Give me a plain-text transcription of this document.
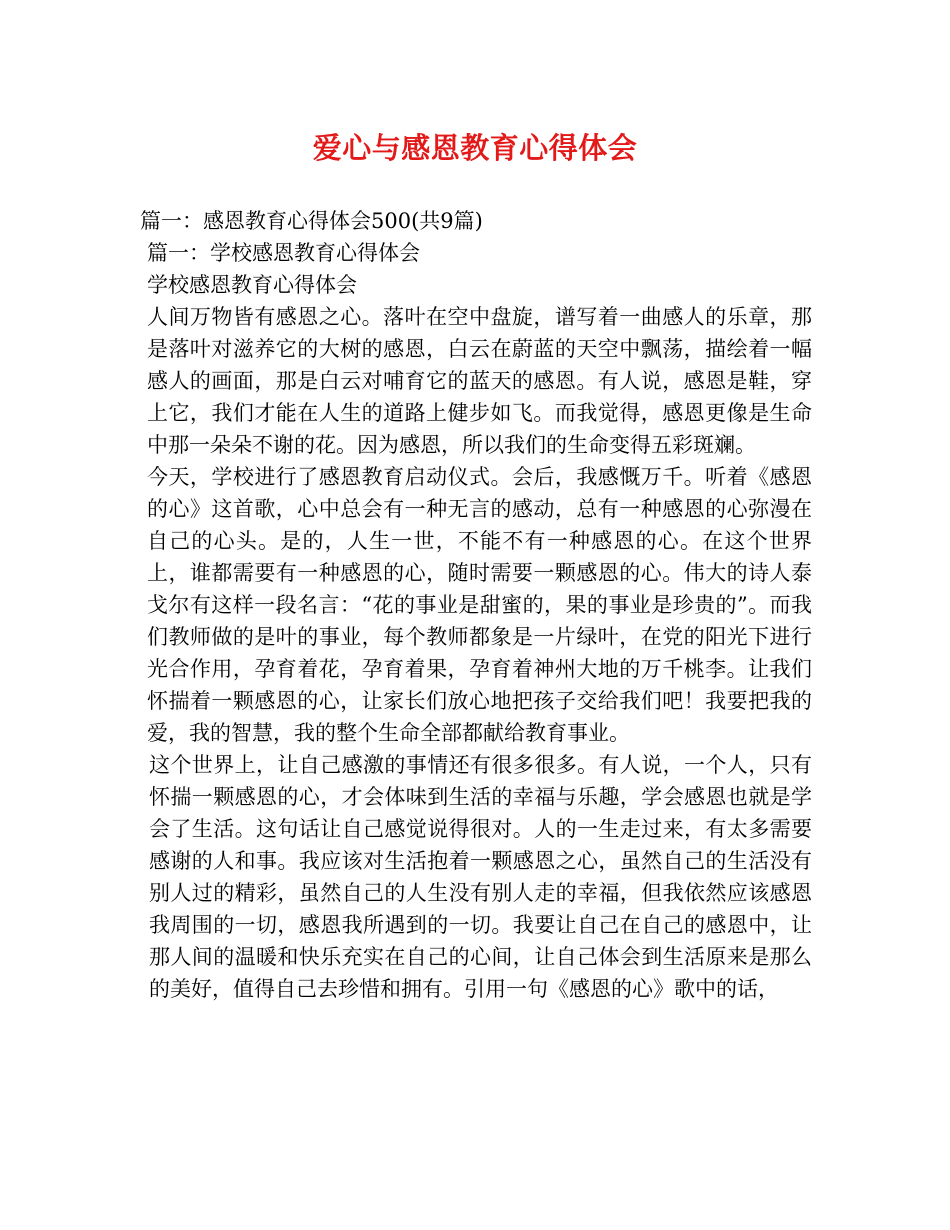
爱心与感恩教育心得体会

篇一：感恩教育心得体会500(共9篇)

篇一：学校感恩教育心得体会

学校感恩教育心得体会

人间万物皆有感恩之心。落叶在空中盘旋，谱写着一曲感人的乐章，那是落叶对滋养它的大树的感恩，白云在蔚蓝的天空中飘荡，描绘着一幅感人的画面，那是白云对哺育它的蓝天的感恩。有人说，感恩是鞋，穿上它，我们才能在人生的道路上健步如飞。而我觉得，感恩更像是生命中那一朵朵不谢的花。因为感恩，所以我们的生命变得五彩斑斓。

今天，学校进行了感恩教育启动仪式。会后，我感慨万千。听着《感恩的心》这首歌，心中总会有一种无言的感动，总有一种感恩的心弥漫在自己的心头。是的，人生一世，不能不有一种感恩的心。在这个世界上，谁都需要有一种感恩的心，随时需要一颗感恩的心。伟大的诗人泰戈尔有这样一段名言：“花的事业是甜蜜的，果的事业是珍贵的”。而我们教师做的是叶的事业，每个教师都象是一片绿叶，在党的阳光下进行光合作用，孕育着花，孕育着果，孕育着神州大地的万千桃李。让我们怀揣着一颗感恩的心，让家长们放心地把孩子交给我们吧！我要把我的爱，我的智慧，我的整个生命全部都献给教育事业。

这个世界上，让自己感激的事情还有很多很多。有人说，一个人，只有怀揣一颗感恩的心，才会体味到生活的幸福与乐趣，学会感恩也就是学会了生活。这句话让自己感觉说得很对。人的一生走过来，有太多需要感谢的人和事。我应该对生活抱着一颗感恩之心，虽然自己的生活没有别人过的精彩，虽然自己的人生没有别人走的幸福，但我依然应该感恩我周围的一切，感恩我所遇到的一切。我要让自己在自己的感恩中，让那人间的温暖和快乐充实在自己的心间，让自己体会到生活原来是那么的美好，值得自己去珍惜和拥有。引用一句《感恩的心》歌中的话，
